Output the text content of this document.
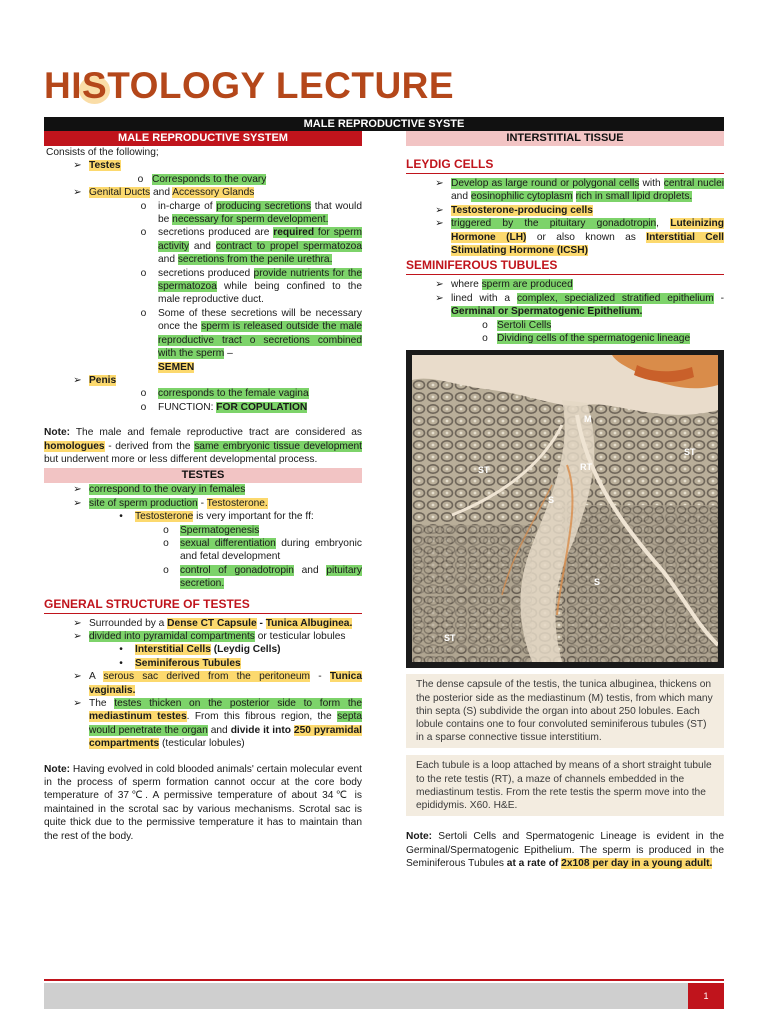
HISTOLOGY LECTURE
MALE REPRODUCTIVE SYSTE
MALE REPRODUCTIVE SYSTEM
Consists of the following;
➢ Testes
o Corresponds to the ovary
➢ Genital Ducts and Accessory Glands
o	in-charge of producing secretions that would be necessary for sperm development.
o	secretions produced are required for sperm activity and contract to propel spermatozoa and secretions from the penile urethra.
o	secretions produced provide nutrients for the spermatozoa while being confined to the male reproductive duct.
o	Some of these secretions will be necessary once the sperm is released outside the male reproductive tract o secretions combined with the sperm –
SEMEN
➢ Penis
o	corresponds to the female vagina
o	FUNCTION: FOR COPULATION

Note: The male and female reproductive tract are considered as homologues - derived from the same embryonic tissue development but underwent more or less different developmental process.

TESTES
➢ correspond to the ovary in females
➢ site of sperm production - Testosterone.
•	Testosterone is very important for the ff:
o	Spermatogenesis
o	sexual differentiation during embryonic and fetal development
o	control of gonadotropin and pituitary secretion.
GENERAL STRUCTURE OF TESTES
➢ Surrounded by a Dense CT Capsule - Tunica Albuginea.
➢ divided into pyramidal compartments or testicular lobules
•	Interstitial Cells (Leydig Cells)
•	Seminiferous Tubules
➢ A serous sac derived from the peritoneum - Tunica vaginalis.
➢ The testes thicken on the posterior side to form the mediastinum testes. From this fibrous region, the septa would penetrate the organ and divide it into 250 pyramidal compartments (testicular lobules)

Note: Having evolved in cold blooded animals' certain molecular event in the process of sperm formation cannot occur at the core body temperature of 37℃. A permissive temperature of about 34℃ is maintained in the scrotal sac by various mechanisms. Scrotal sac is quite thick due to the permissive temperature it has to maintain than the rest of the body.

INTERSTITIAL TISSUE
LEYDIG CELLS
➢ Develop as large round or polygonal cells with central nuclei and eosinophilic cytoplasm rich in small lipid droplets.
➢ Testosterone-producing cells
➢ triggered by the pituitary gonadotropin, Luteinizing Hormone (LH) or also known as Interstitial Cell Stimulating Hormone (ICSH)
SEMINIFEROUS TUBULES
➢ where sperm are produced
➢ lined with a complex, specialized stratified epithelium - Germinal or Spermatogenic Epithelium.
o Sertoli Cells
o Dividing cells of the spermatogenic lineage
M
ST
RT
S
ST
S
ST
The dense capsule of the testis, the tunica albuginea, thickens on the posterior side as the mediastinum (M) testis, from which many thin septa (S) subdivide the organ into about 250 lobules. Each lobule contains one to four convoluted seminiferous tubules (ST) in a sparse connective tissue interstitium.
Each tubule is a loop attached by means of a short straight tubule to the rete testis (RT), a maze of channels embedded in the mediastinum testis. From the rete testis the sperm move into the epididymis. X60. H&E.

Note: Sertoli Cells and Spermatogenic Lineage is evident in the Germinal/Spermatogenic Epithelium. The sperm is produced in the Seminiferous Tubules at a rate of 2x108 per day in a young adult.

1
